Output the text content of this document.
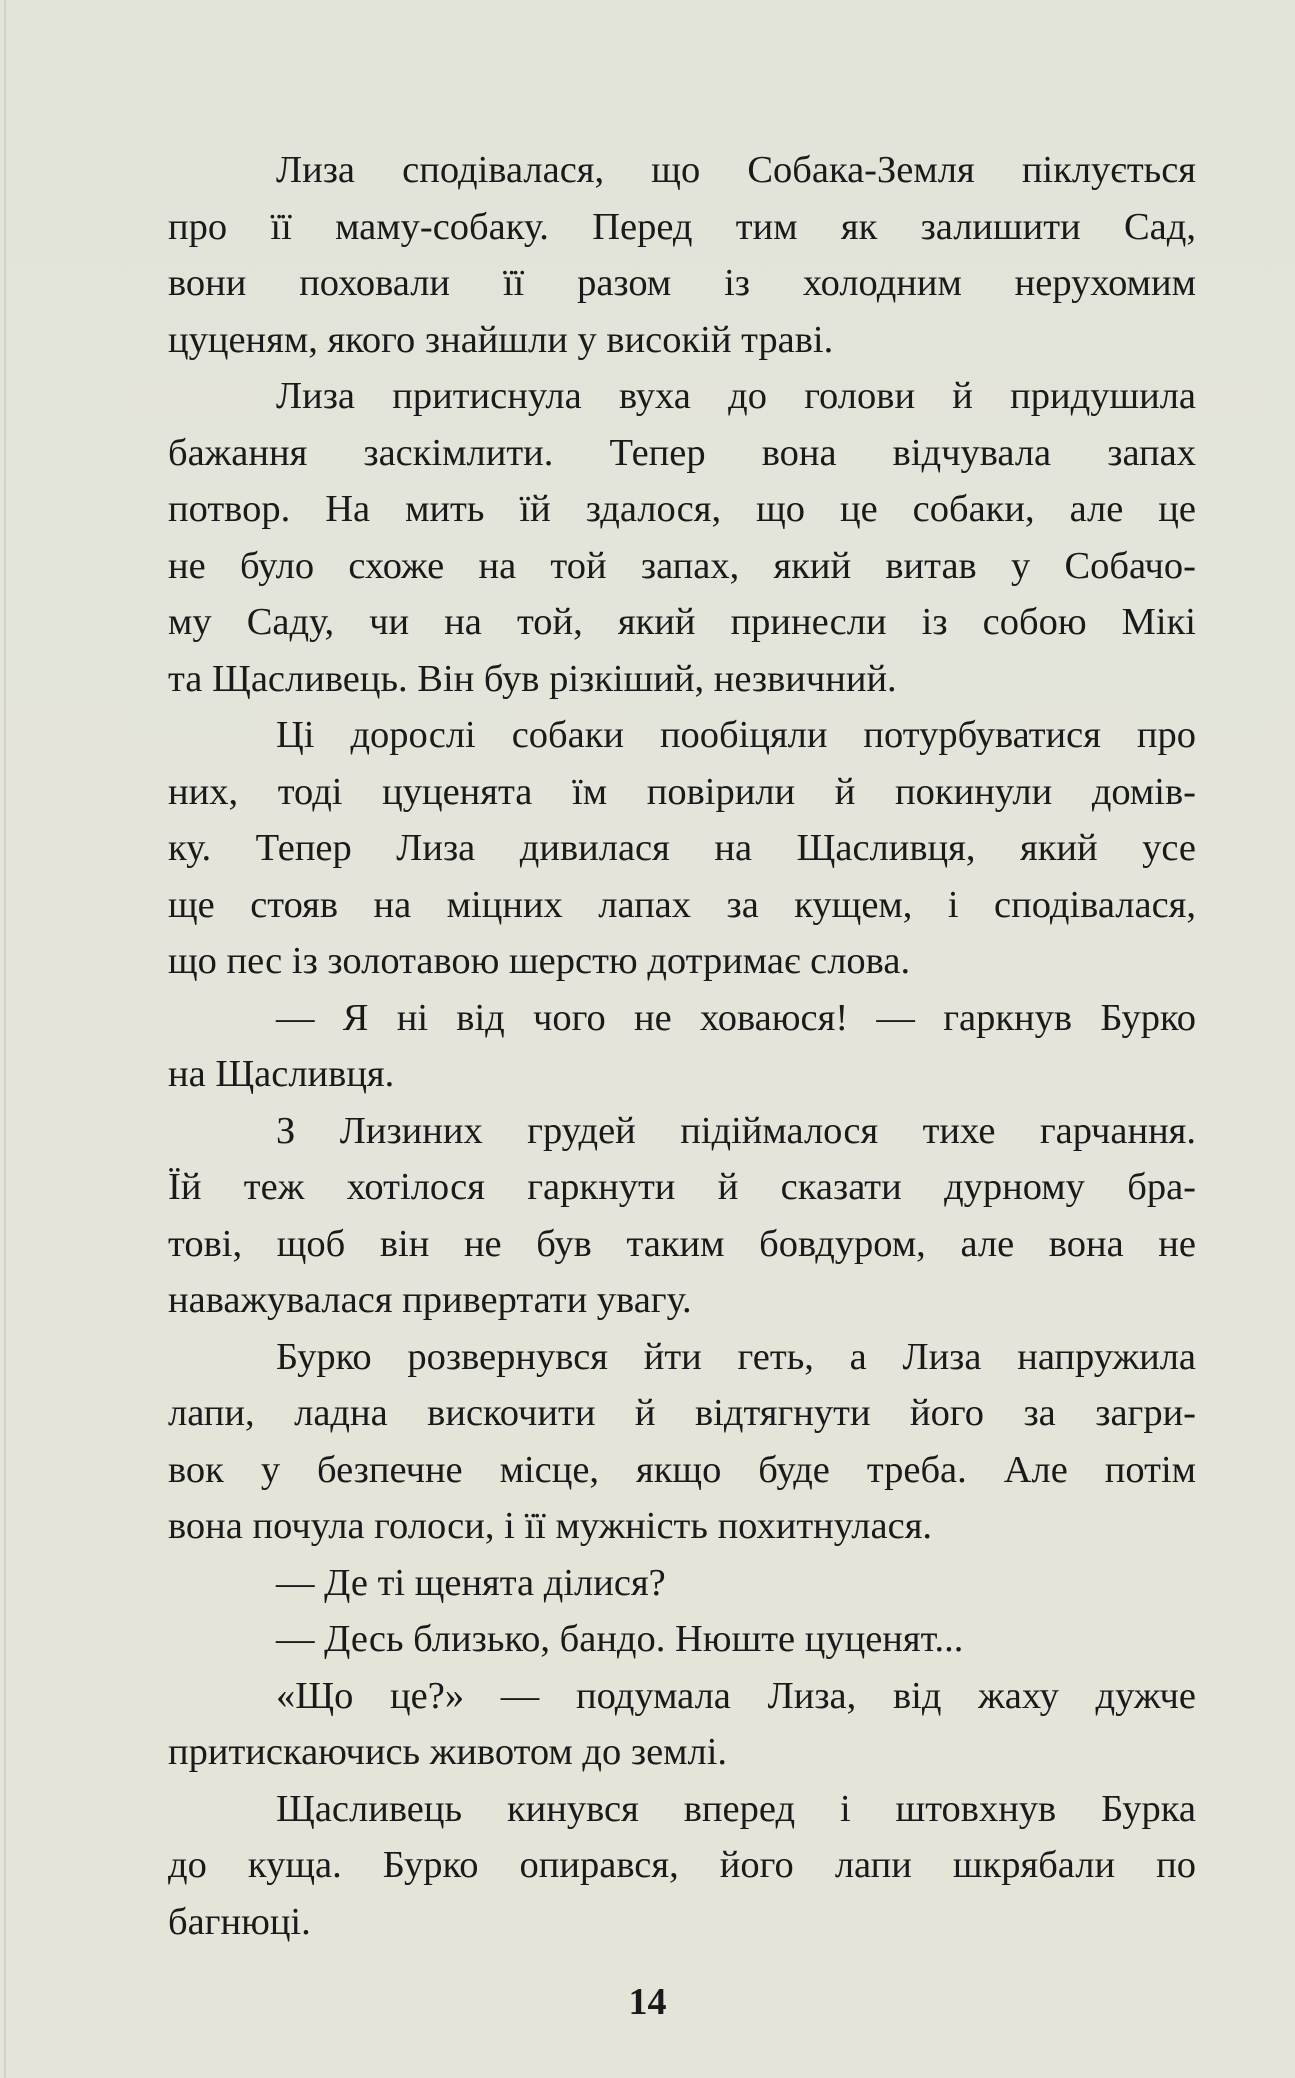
Лиза сподівалася, що Собака-Земля піклується
про її маму-собаку. Перед тим як залишити Сад,
вони поховали її разом із холодним нерухомим
цуценям, якого знайшли у високій траві.

Лиза притиснула вуха до голови й придушила
бажання заскімлити. Тепер вона відчувала запах
потвор. На мить їй здалося, що це собаки, але це
не було схоже на той запах, який витав у Собачо-
му Саду, чи на той, який принесли із собою Мікі
та Щасливець. Він був різкіший, незвичний.

Ці дорослі собаки пообіцяли потурбуватися про
них, тоді цуценята їм повірили й покинули домів-
ку. Тепер Лиза дивилася на Щасливця, який усе
ще стояв на міцних лапах за кущем, і сподівалася,
що пес із золотавою шерстю дотримає слова.

— Я ні від чого не ховаюся! — гаркнув Бурко
на Щасливця.

З Лизиних грудей підіймалося тихе гарчання.
Їй теж хотілося гаркнути й сказати дурному бра-
тові, щоб він не був таким бовдуром, але вона не
наважувалася привертати увагу.

Бурко розвернувся йти геть, а Лиза напружила
лапи, ладна вискочити й відтягнути його за загри-
вок у безпечне місце, якщо буде треба. Але потім
вона почула голоси, і її мужність похитнулася.

— Де ті щенята ділися?

— Десь близько, бандо. Нюште цуценят...

«Що це?» — подумала Лиза, від жаху дужче
притискаючись животом до землі.

Щасливець кинувся вперед і штовхнув Бурка
до куща. Бурко опирався, його лапи шкрябали по
багнюці.

14
